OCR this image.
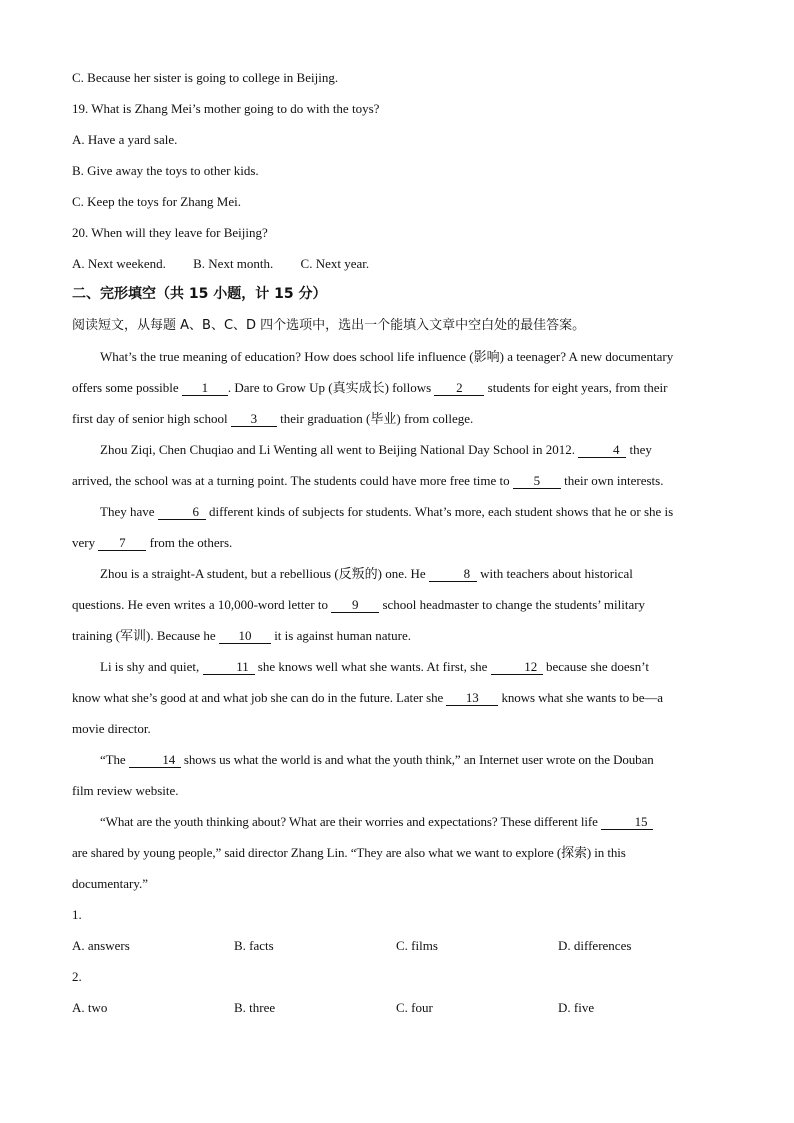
C. Because her sister is going to college in Beijing.
19. What is Zhang Mei’s mother going to do with the toys?
A. Have a yard sale.
B. Give away the toys to other kids.
C. Keep the toys for Zhang Mei.
20. When will they leave for Beijing?
A. Next weekend. B. Next month. C. Next year.
二、完形填空（共 15 小题，计 15 分）
阅读短文，从每题 A、B、C、D 四个选项中，选出一个能填入文章中空白处的最佳答案。
What’s the true meaning of education? How does school life influence (影响) a teenager? A new documentary
offers some possible 1 . Dare to Grow Up (真实成长) follows 2 students for eight years, from their
first day of senior high school 3 their graduation (毕业) from college.
Zhou Ziqi, Chen Chuqiao and Li Wenting all went to Beijing National Day School in 2012.	4 they
arrived, the school was at a turning point. The students could have more free time to 5 their own interests.
They have	6 different kinds of subjects for students. What’s more, each student shows that he or she is
very 7 from the others.
Zhou is a straight-A student, but a rebellious (反叛的) one. He	8 with teachers about historical
questions. He even writes a 10,000-word letter to 9 school headmaster to change the students’ military
training (军训). Because he 10 it is against human nature.
Li is shy and quiet,	11 she knows well what she wants. At first, she	12 because she doesn’t
know what she’s good at and what job she can do in the future. Later she 13 knows what she wants to be—a
movie director.
“The	14 shows us what the world is and what the youth think,” an Internet user wrote on the Douban
film review website.
“What are the youth thinking about? What are their worries and expectations? These different life	15
are shared by young people,” said director Zhang Lin. “They are also what we want to explore (探索) in this
documentary.”
1.
A. answers	B. facts	C. films	D. differences
2.
A. two	B. three	C. four	D. five
